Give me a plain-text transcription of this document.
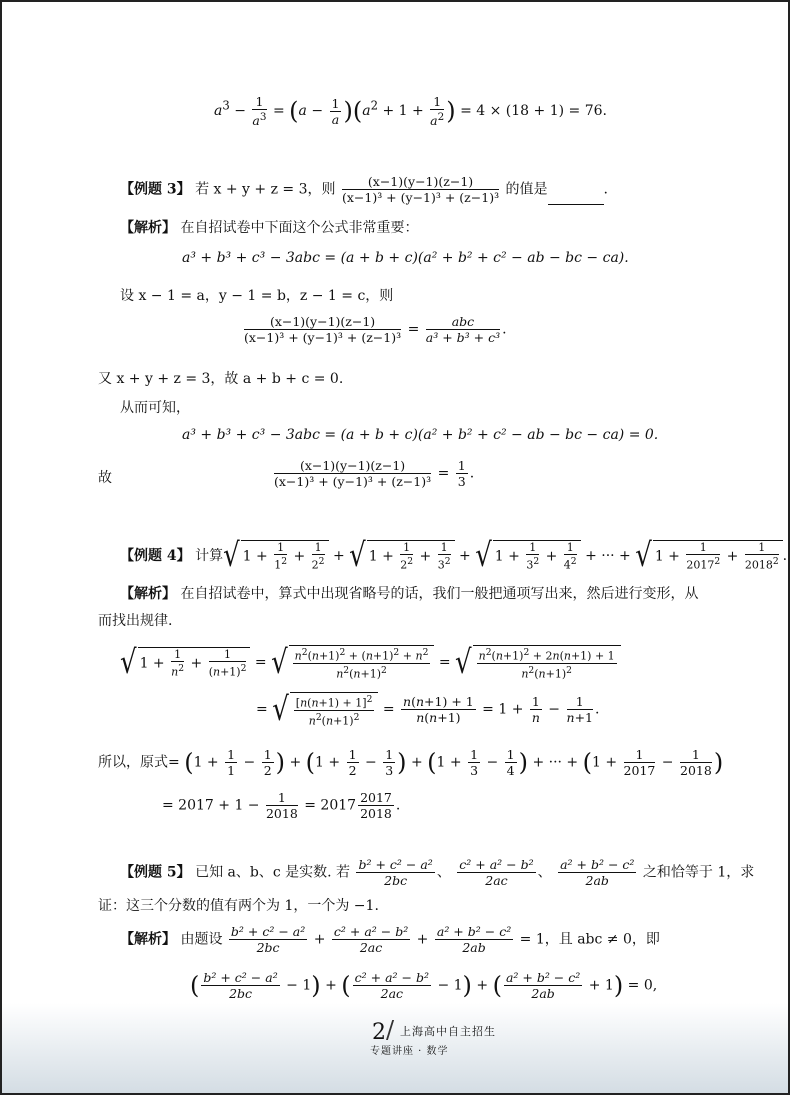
$a^3 - \frac{1}{a^3} = (a - \frac{1}{a} )(a^2 + 1 + \frac{1}{a^2}$ ) = 4 × (18 + 1) = 76.
【例题 3】 若 x + y + z = 3，则 $\frac{(x-1)(y-1)(z-1)}{\text{(x−1)³ + (y−1)³ + (z−1)³}}$ 的值是	.
【解析】 在自招试卷中下面这个公式非常重要：
a³ + b³ + c³ − 3abc = (a + b + c)(a² + b² + c² − ab − bc − ca).
设 x − 1 = a，y − 1 = b，z − 1 = c，则
$\frac{(x-1)(y-1)(z-1)}{\text{(x−1)³ + (y−1)³ + (z−1)³}} = \frac{\text{abc}}{\text{a³ + b³ + c³}}$ .
又 x + y + z = 3，故 a + b + c = 0.
从而可知，
a³ + b³ + c³ − 3abc = (a + b + c)(a² + b² + c² − ab − bc − ca) = 0.
故	$\frac{(x-1)(y-1)(z-1)}{\text{(x−1)³ + (y−1)³ + (z−1)³}} = \frac{1}{3}$ .
【例题 4】 计算√ $1 + \frac{1}{1^2} + \frac{1}{2^2}$ + √ $1 + \frac{1}{2^2} + \frac{1}{3^2}$ + √ $1 + \frac{1}{3^2} + \frac{1}{4^2}$ + ··· + √ $1 + \frac{1}{2017^2} + \frac{1}{2018^2}$ .
【解析】 在自招试卷中，算式中出现省略号的话，我们一般把通项写出来，然后进行变形，从
而找出规律.
√ $1 + \frac{1}{n^2} + \frac{1}{(n+1)^2}$ = √ $\frac{n^2(n+1)^2 + (n+1)^2 + n^2}{n^2(n+1)^2}$ = √ $\frac{n^2(n+1)^2 + 2n(n+1) + 1}{n^2(n+1)^2}$
= √ $\frac{[n(n+1) + 1]^2}{n^2(n+1)^2} = \frac{n(n+1) + 1}{n(n+1)} = 1 + \frac{1}{n} - \frac{1}{n+1}$ .
所以，原式= ($1 + \frac{1}{1} - \frac{1}{2}$ ) + ($1 + \frac{1}{2} - \frac{1}{3}$ ) + ($1 + \frac{1}{3} - \frac{1}{4}$ ) + ··· + ($1 + \frac{1}{2017} - \frac{1}{2018}$ )
= $2017 + 1 - \frac{1}{2018} = 2017 \frac{2017}{2018}$ .
【例题 5】 已知 a、b、c 是实数. 若 $\frac{\text{b² + c² − a²}}{2bc}$ 、 $\frac{\text{c² + a² − b²}}{2ac}$ 、 $\frac{\text{a² + b² − c²}}{2ab}$ 之和恰等于 1，求
证：这三个分数的值有两个为 1，一个为 −1.
【解析】 由题设 $\frac{\text{b² + c² − a²}}{2bc} + \frac{\text{c² + a² − b²}}{2ac} + \frac{\text{a² + b² − c²}}{2ab} = 1$，且 abc ≠ 0，即
( $\frac{\text{b² + c² − a²}}{2bc} - 1$) + ( $\frac{\text{c² + a² − b²}}{2ac} - 1$) + ( $\frac{\text{a² + b² − c²}}{2ab} + 1) = 0$,
2 / 上海高中自主招生
专题讲座 · 数学
